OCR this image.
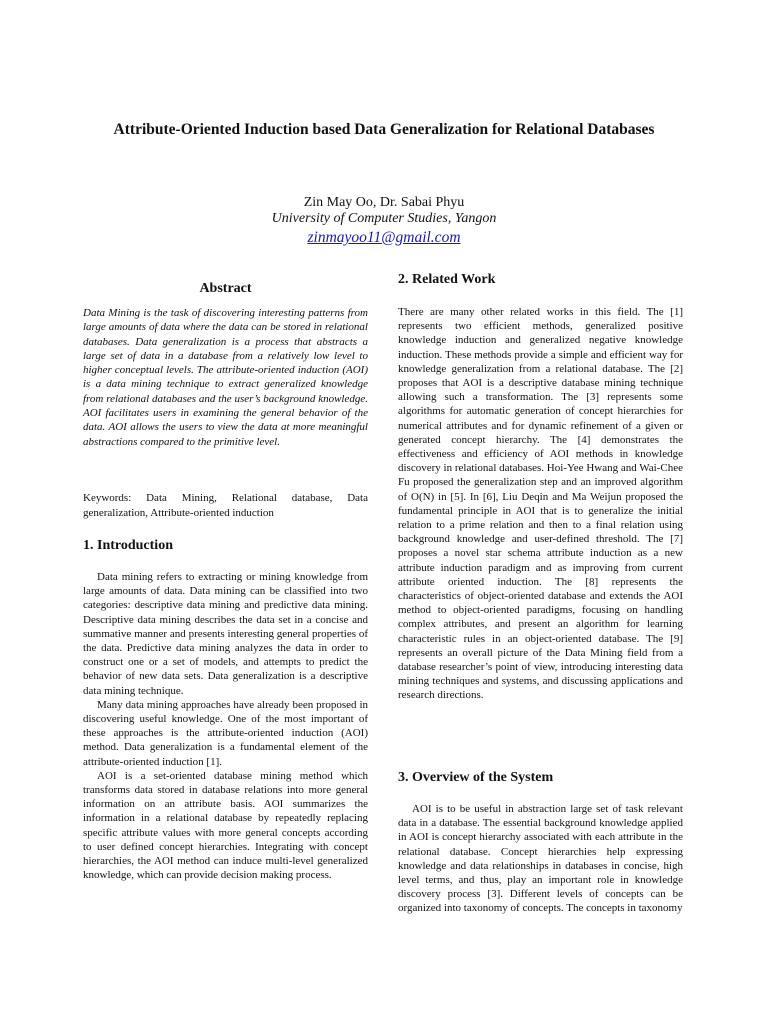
Attribute-Oriented Induction based Data Generalization for Relational Databases
Zin May Oo, Dr. Sabai Phyu
University of Computer Studies, Yangon
zinmayoo11@gmail.com
Abstract
Data Mining is the task of discovering interesting patterns from large amounts of data where the data can be stored in relational databases. Data generalization is a process that abstracts a large set of data in a database from a relatively low level to higher conceptual levels. The attribute-oriented induction (AOI) is a data mining technique to extract generalized knowledge from relational databases and the user’s background knowledge. AOI facilitates users in examining the general behavior of the data. AOI allows the users to view the data at more meaningful abstractions compared to the primitive level.
Keywords: Data Mining, Relational database, Data generalization, Attribute-oriented induction
1. Introduction

Data mining refers to extracting or mining knowledge from large amounts of data. Data mining can be classified into two categories: descriptive data mining and predictive data mining. Descriptive data mining describes the data set in a concise and summative manner and presents interesting general properties of the data. Predictive data mining analyzes the data in order to construct one or a set of models, and attempts to predict the behavior of new data sets. Data generalization is a descriptive data mining technique.

Many data mining approaches have already been proposed in discovering useful knowledge. One of the most important of these approaches is the attribute-oriented induction (AOI) method. Data generalization is a fundamental element of the attribute-oriented induction [1].

AOI is a set-oriented database mining method which transforms data stored in database relations into more general information on an attribute basis. AOI summarizes the information in a relational database by repeatedly replacing specific attribute values with more general concepts according to user defined concept hierarchies. Integrating with concept hierarchies, the AOI method can induce multi-level generalized knowledge, which can provide decision making process.

2. Related Work

There are many other related works in this field. The [1] represents two efficient methods, generalized positive knowledge induction and generalized negative knowledge induction. These methods provide a simple and efficient way for knowledge generalization from a relational database. The [2] proposes that AOI is a descriptive database mining technique allowing such a transformation. The [3] represents some algorithms for automatic generation of concept hierarchies for numerical attributes and for dynamic refinement of a given or generated concept hierarchy. The [4] demonstrates the effectiveness and efficiency of AOI methods in knowledge discovery in relational databases. Hoi-Yee Hwang and Wai-Chee Fu proposed the generalization step and an improved algorithm of O(N) in [5]. In [6], Liu Deqin and Ma Weijun proposed the fundamental principle in AOI that is to generalize the initial relation to a prime relation and then to a final relation using background knowledge and user-defined threshold. The [7] proposes a novel star schema attribute induction as a new attribute induction paradigm and as improving from current attribute oriented induction. The [8] represents the characteristics of object-oriented database and extends the AOI method to object-oriented paradigms, focusing on handling complex attributes, and present an algorithm for learning characteristic rules in an object-oriented database. The [9] represents an overall picture of the Data Mining field from a database researcher’s point of view, introducing interesting data mining techniques and systems, and discussing applications and research directions.

3. Overview of the System

AOI is to be useful in abstraction large set of task relevant data in a database. The essential background knowledge applied in AOI is concept hierarchy associated with each attribute in the relational database. Concept hierarchies help expressing knowledge and data relationships in databases in concise, high level terms, and thus, play an important role in knowledge discovery process [3]. Different levels of concepts can be organized into taxonomy of concepts. The concepts in taxonomy
